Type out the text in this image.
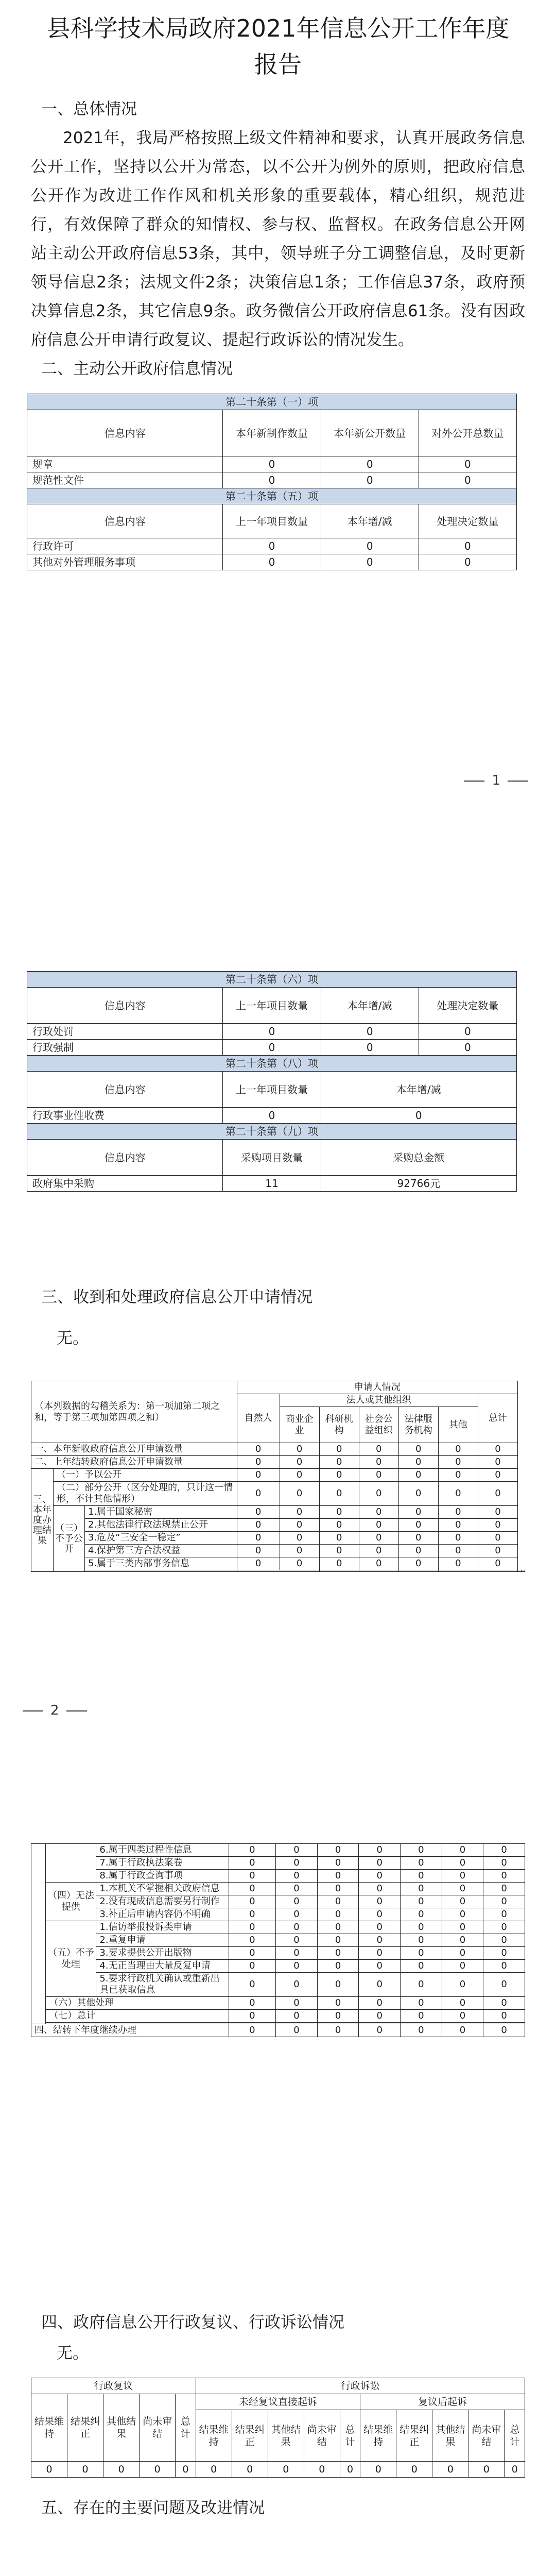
县科学技术局政府2021年信息公开工作年度
报告
一、总体情况

2021年，我局严格按照上级文件精神和要求，认真开展政务信息公开工作，坚持以公开为常态，以不公开为例外的原则，把政府信息公开作为改进工作作风和机关形象的重要载体，精心组织，规范进行，有效保障了群众的知情权、参与权、监督权。在政务信息公开网站主动公开政府信息53条，其中，领导班子分工调整信息，及时更新领导信息2条；法规文件2条；决策信息1条；工作信息37条，政府预决算信息2条，其它信息9条。政务微信公开政府信息61条。没有因政府信息公开申请行政复议、提起行政诉讼的情况发生。

二、主动公开政府信息情况
第二十条第（一）项			
信息内容	本年新制作数量	本年新公开数量	对外公开总数量
规章	0	0	0
规范性文件	0	0	0
第二十条第（五）项			
信息内容	上一年项目数量	本年增/减	处理决定数量
行政许可	0	0	0
其他对外管理服务事项	0	0	0
1
第二十条第（六）项			
信息内容	上一年项目数量	本年增/减	处理决定数量
行政处罚	0	0	0
行政强制	0	0	0
第二十条第（八）项			
信息内容	上一年项目数量	本年增/减	
行政事业性收费	0	0	
第二十条第（九）项			
信息内容	采购项目数量	采购总金额	
政府集中采购	11	92766元	
三、收到和处理政府信息公开申请情况
无。
（本列数据的勾稽关系为：第一项加第二项之和，等于第三项加第四项之和）			申请人情况								
			自然人	法人或其他组织					总计		
				商业企业	科研机构	社会公益组织	法律服务机构	其他			
一、本年新收政府信息公开申请数量			0	0	0	0	0	0	0		
二、上年结转政府信息公开申请数量			0	0	0	0	0	0	0		
三、本年度办理结果	（一）予以公开		0	0	0	0	0	0	0		
	（二）部分公开（区分处理的，只计这一情形，不计其他情形）		0	0	0	0	0	0	0		
	（三）不予公开	1.属于国家秘密	0	0	0	0	0	0	0		
		2.其他法律行政法规禁止公开	0	0	0	0	0	0	0		
		3.危及“三安全一稳定”	0	0	0	0	0	0	0		
		4.保护第三方合法权益	0	0	0	0	0	0	0		
		5.属于三类内部事务信息	0	0	0	0	0	0	0		

2
		6.属于四类过程性信息	0	0	0	0	0	0	0
		7.属于行政执法案卷	0	0	0	0	0	0	0
		8.属于行政查询事项	0	0	0	0	0	0	0
	（四）无法提供	1.本机关不掌握相关政府信息	0	0	0	0	0	0	0
		2.没有现成信息需要另行制作	0	0	0	0	0	0	0
		3.补正后申请内容仍不明确	0	0	0	0	0	0	0
	（五）不予处理	1.信访举报投诉类申请	0	0	0	0	0	0	0
		2.重复申请	0	0	0	0	0	0	0
		3.要求提供公开出版物	0	0	0	0	0	0	0
		4.无正当理由大量反复申请	0	0	0	0	0	0	0
		5.要求行政机关确认或重新出具已获取信息	0	0	0	0	0	0	0
	（六）其他处理		0	0	0	0	0	0	0
	（七）总计		0	0	0	0	0	0	0

四、结转下年度继续办理			0	0	0	0	0	0	0
四、政府信息公开行政复议、行政诉讼情况
无。
行政复议					行政诉讼									
结果维持	结果纠正	其他结果	尚未审结	总计	未经复议直接起诉					复议后起诉				
					结果维持	结果纠正	其他结果	尚未审结	总计	结果维持	结果纠正	其他结果	尚未审结	总计
0	0	0	0	0	0	0	0	0	0	0	0	0	0	0
五、存在的主要问题及改进情况
